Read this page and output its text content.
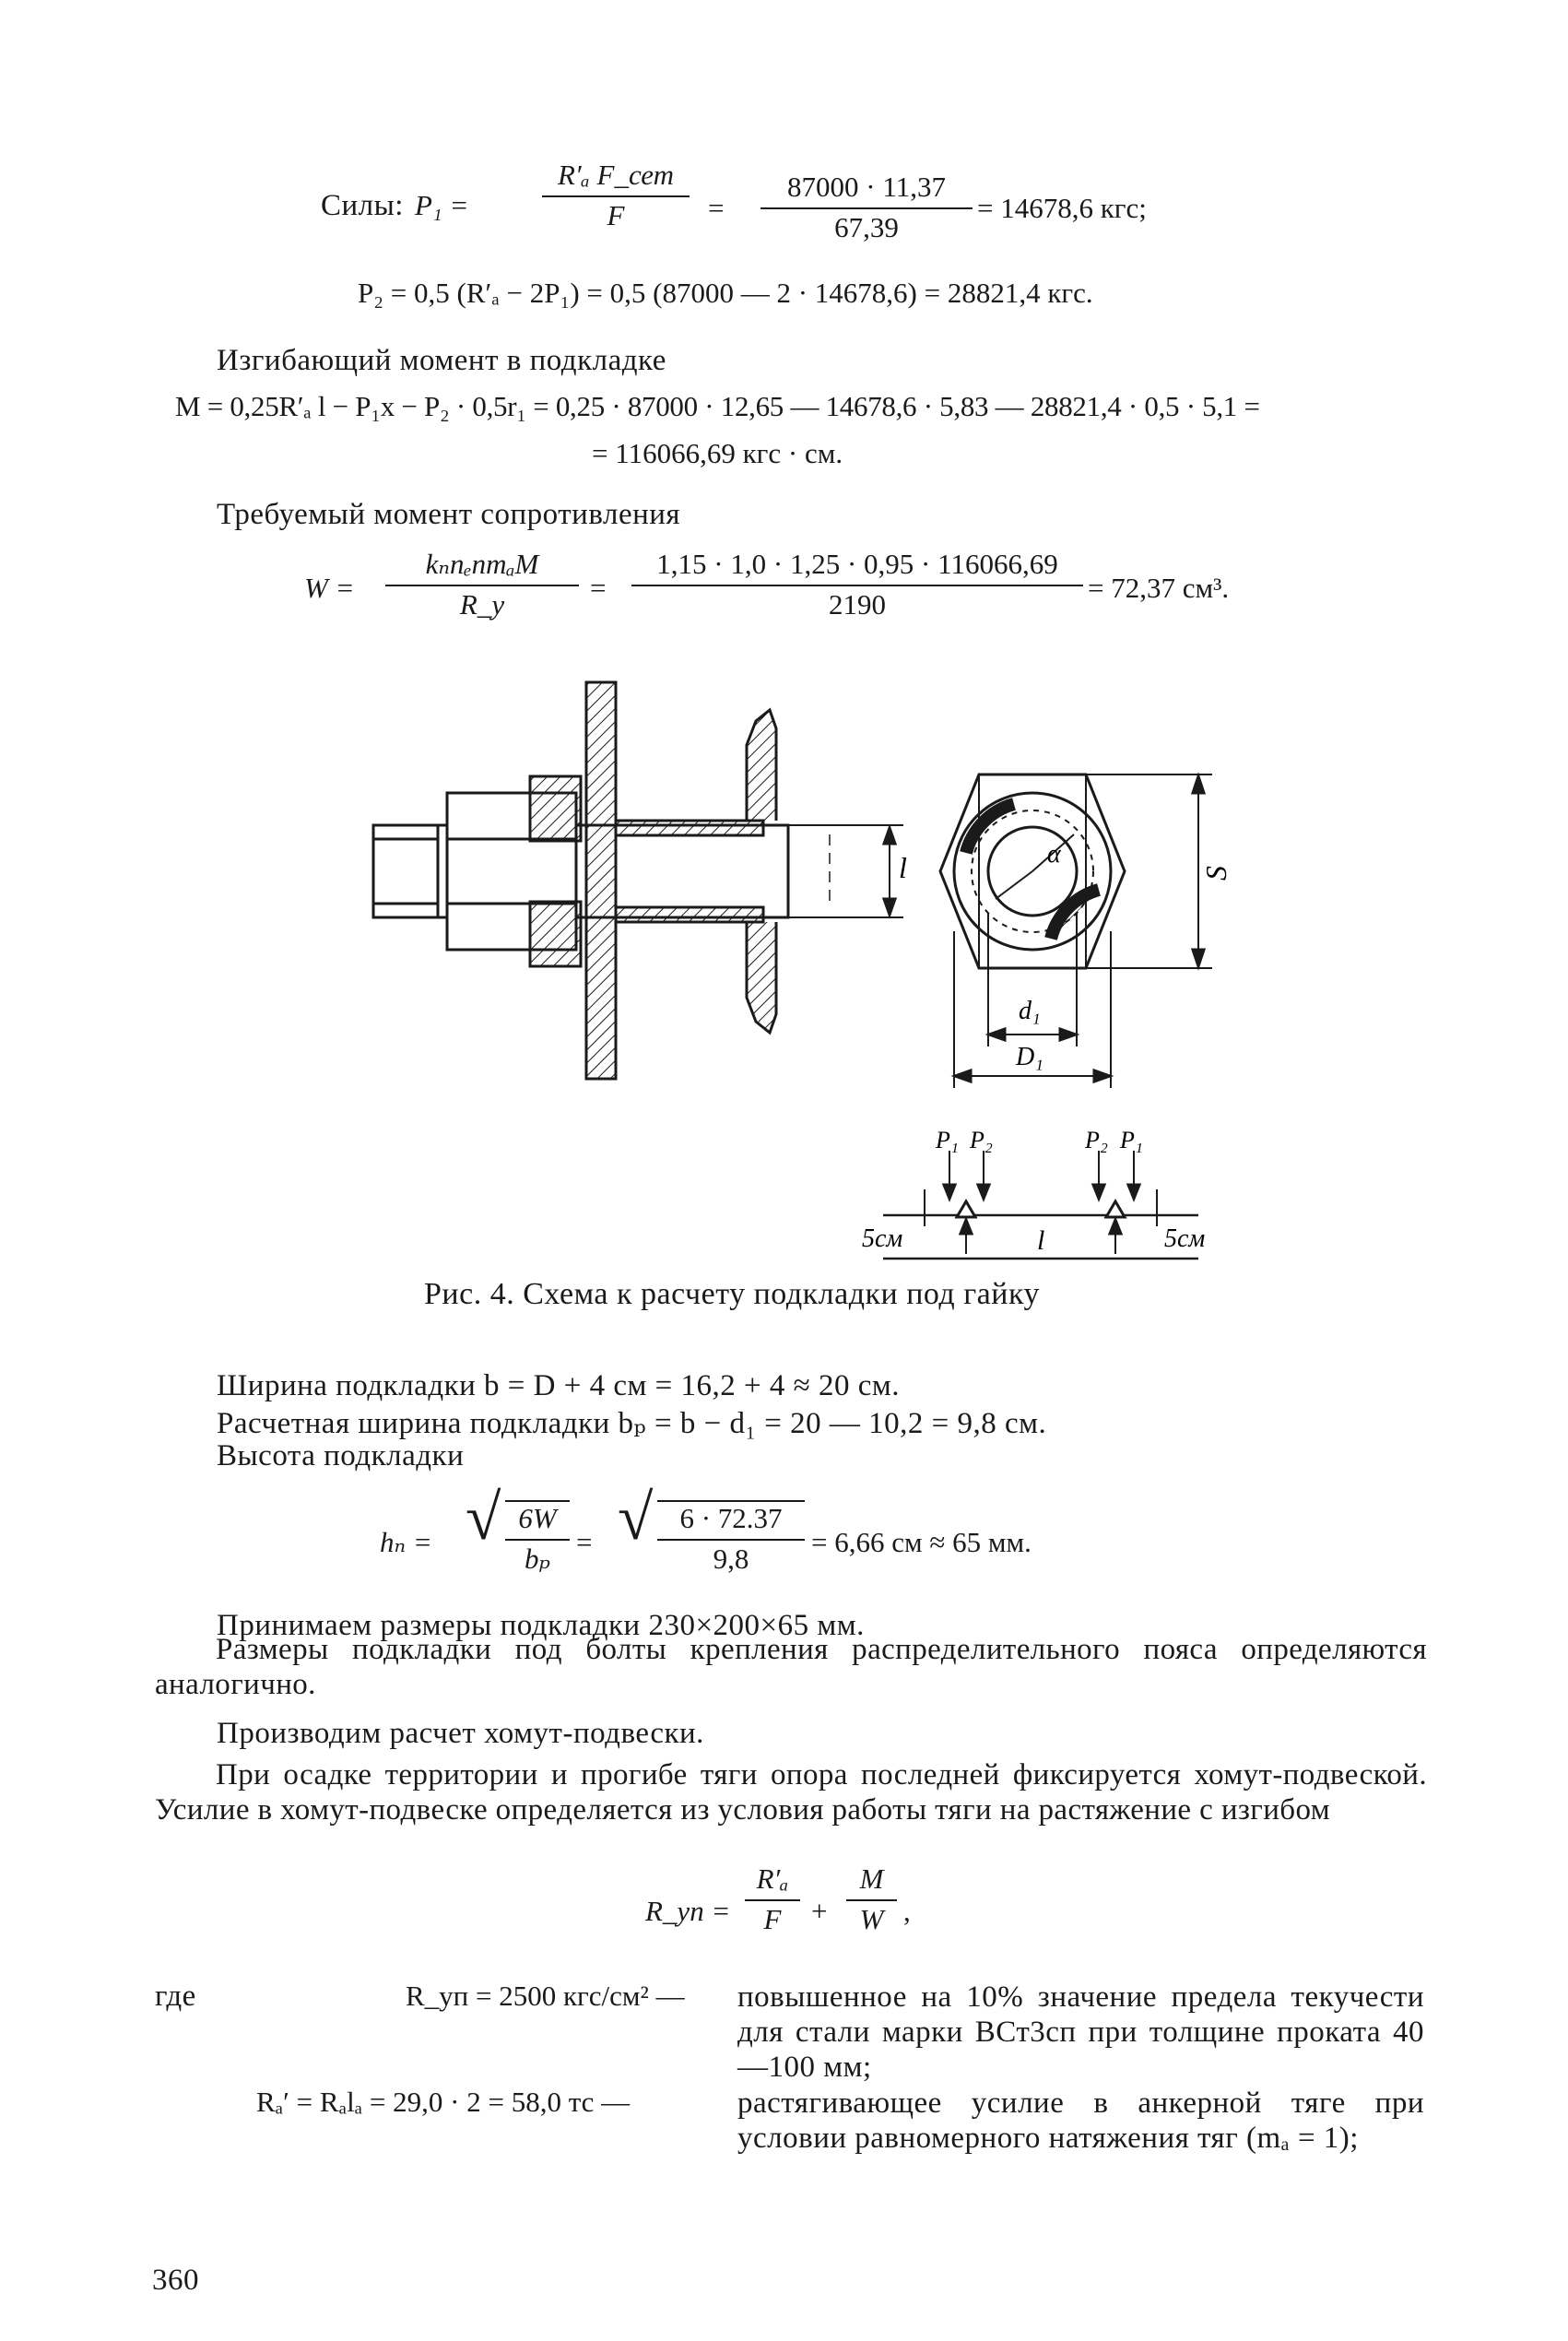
Силы: P₁ =
R′ₐ F_сет
F	= $\frac{87000 \cdot 11,37}{67,39} = 14678,6$ кгс;
P₂ = 0,5 (R′ₐ − 2P₁) = 0,5 (87000 — 2 · 14678,6) = 28821,4 кгс.
Изгибающий момент в подкладке
M = 0,25R′ₐ l − P₁x − P₂ · 0,5r₁ = 0,25 · 87000 · 12,65 — 14678,6 · 5,83 — 28821,4 · 0,5 · 5,1 =
= 116066,69 кгс · см.
Требуемый момент сопротивления
W =
kₙnₑnmₐM
R_y
= $\frac{1,15 \cdot 1,0 \cdot 1,25 \cdot 0,95 \cdot 116066,69}{2190} = 72,37$ см³.
l	S
d₁
D₁
α
P₁ P₂	P₂ P₁
5см	l	5см
Рис. 4. Схема к расчету подкладки под гайку
Ширина подкладки b = D + 4 см = 16,2 + 4 ≈ 20 см.
Расчетная ширина подкладки bₚ = b − d₁ = 20 — 10,2 = 9,8 см.
Высота подкладки
hₙ = √ $\frac{6W}{\text{bₚ}}$ = √ $\frac{6 \cdot 72.37}{9,8} = 6,66$ см ≈ 65 мм.
Принимаем размеры подкладки 230×200×65 мм.

Размеры подкладки под болты крепления распределительного пояса определяются аналогично.

Производим расчет хомут-подвески.

При осадке территории и прогибе тяги опора последней фиксируется хомут-подвеской. Усилие в хомут-подвеске определяется из условия работы тяги на растяжение с изгибом

R_уп = $\frac{\text{R′ₐ}}{F} + \frac{M}{W}$ ,
где	R_уп = 2500 кгс/см² — повышенное на 10% значение предела текучести для стали марки ВСт3сп при толщине проката 40—100 мм;

Rₐ′ = Rₐlₐ = 29,0 · 2 = 58,0 тс —	растягивающее усилие в анкерной тяге при условии равномерного натяжения тяг (mₐ = 1);

360
